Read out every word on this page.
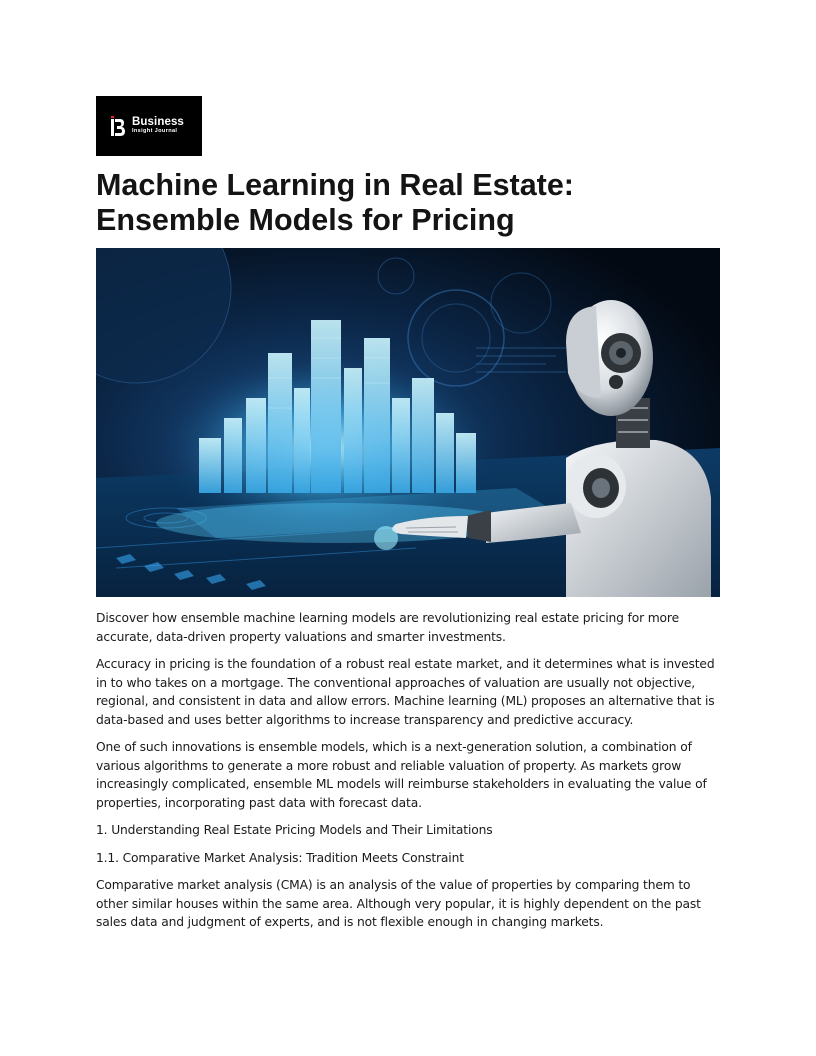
Business
Insight Journal
Machine Learning in Real Estate:
Ensemble Models for Pricing

Discover how ensemble machine learning models are revolutionizing real estate pricing for more accurate, data-driven property valuations and smarter investments.

Accuracy in pricing is the foundation of a robust real estate market, and it determines what is invested in to who takes on a mortgage. The conventional approaches of valuation are usually not objective, regional, and consistent in data and allow errors. Machine learning (ML) proposes an alternative that is data-based and uses better algorithms to increase transparency and predictive accuracy.

One of such innovations is ensemble models, which is a next-generation solution, a combination of various algorithms to generate a more robust and reliable valuation of property. As markets grow increasingly complicated, ensemble ML models will reimburse stakeholders in evaluating the value of properties, incorporating past data with forecast data.

1. Understanding Real Estate Pricing Models and Their Limitations

1.1. Comparative Market Analysis: Tradition Meets Constraint

Comparative market analysis (CMA) is an analysis of the value of properties by comparing them to other similar houses within the same area. Although very popular, it is highly dependent on the past sales data and judgment of experts, and is not flexible enough in changing markets.
